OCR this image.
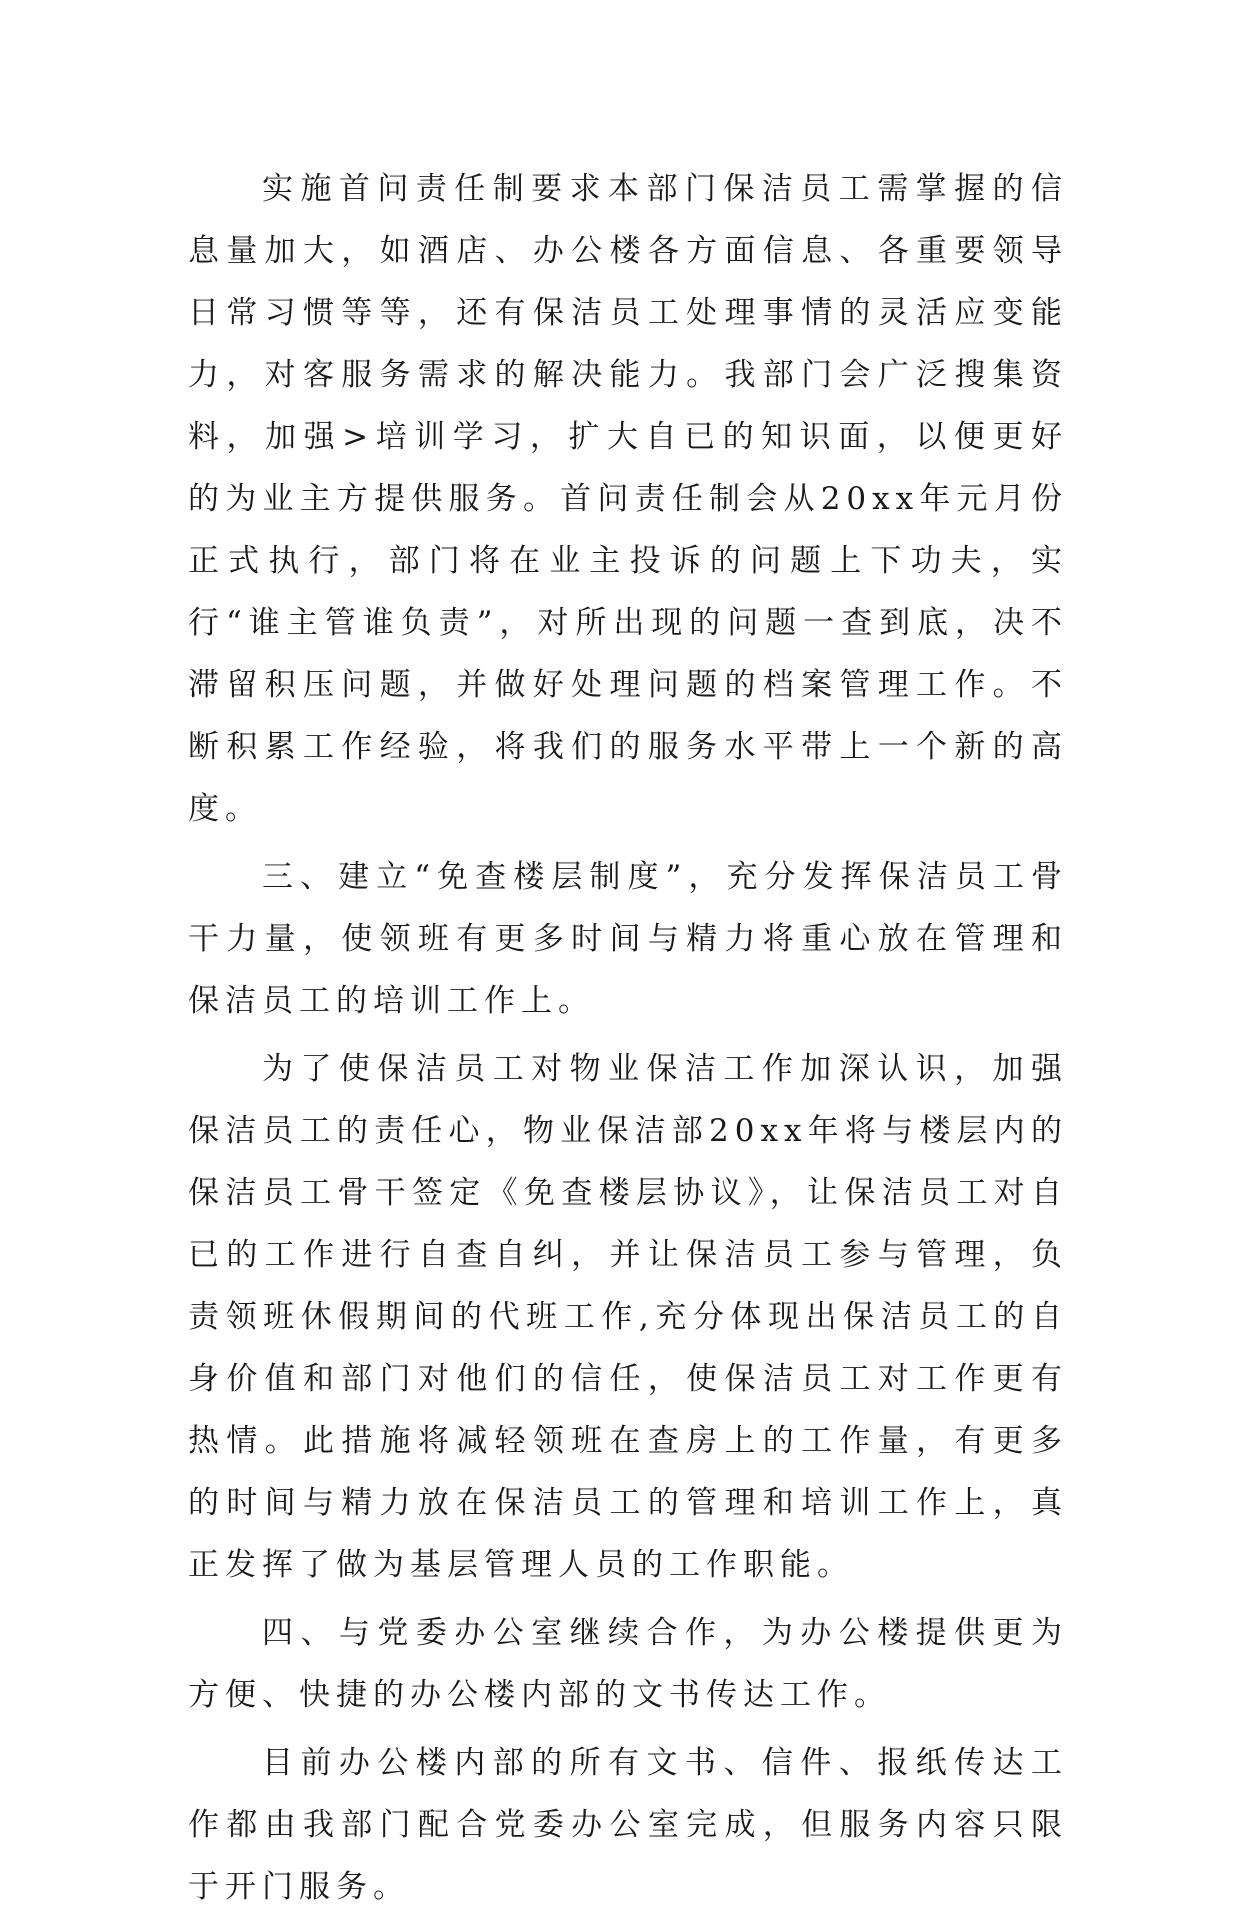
实施首问责任制要求本部门保洁员工需掌握的信息量加大，如酒店、办公楼各方面信息、各重要领导日常习惯等等，还有保洁员工处理事情的灵活应变能力，对客服务需求的解决能力。我部门会广泛搜集资料，加强>培训学习，扩大自已的知识面，以便更好的为业主方提供服务。首问责任制会从20xx年元月份正式执行，部门将在业主投诉的问题上下功夫，实行“谁主管谁负责”，对所出现的问题一查到底，决不滞留积压问题，并做好处理问题的档案管理工作。不断积累工作经验，将我们的服务水平带上一个新的高度。

三、建立“免查楼层制度”，充分发挥保洁员工骨干力量，使领班有更多时间与精力将重心放在管理和保洁员工的培训工作上。

为了使保洁员工对物业保洁工作加深认识，加强保洁员工的责任心，物业保洁部20xx年将与楼层内的保洁员工骨干签定《免查楼层协议》，让保洁员工对自已的工作进行自查自纠，并让保洁员工参与管理，负责领班休假期间的代班工作,充分体现出保洁员工的自身价值和部门对他们的信任，使保洁员工对工作更有热情。此措施将减轻领班在查房上的工作量，有更多的时间与精力放在保洁员工的管理和培训工作上，真正发挥了做为基层管理人员的工作职能。

四、与党委办公室继续合作，为办公楼提供更为方便、快捷的办公楼内部的文书传达工作。

目前办公楼内部的所有文书、信件、报纸传达工作都由我部门配合党委办公室完成，但服务内容只限于开门服务。
